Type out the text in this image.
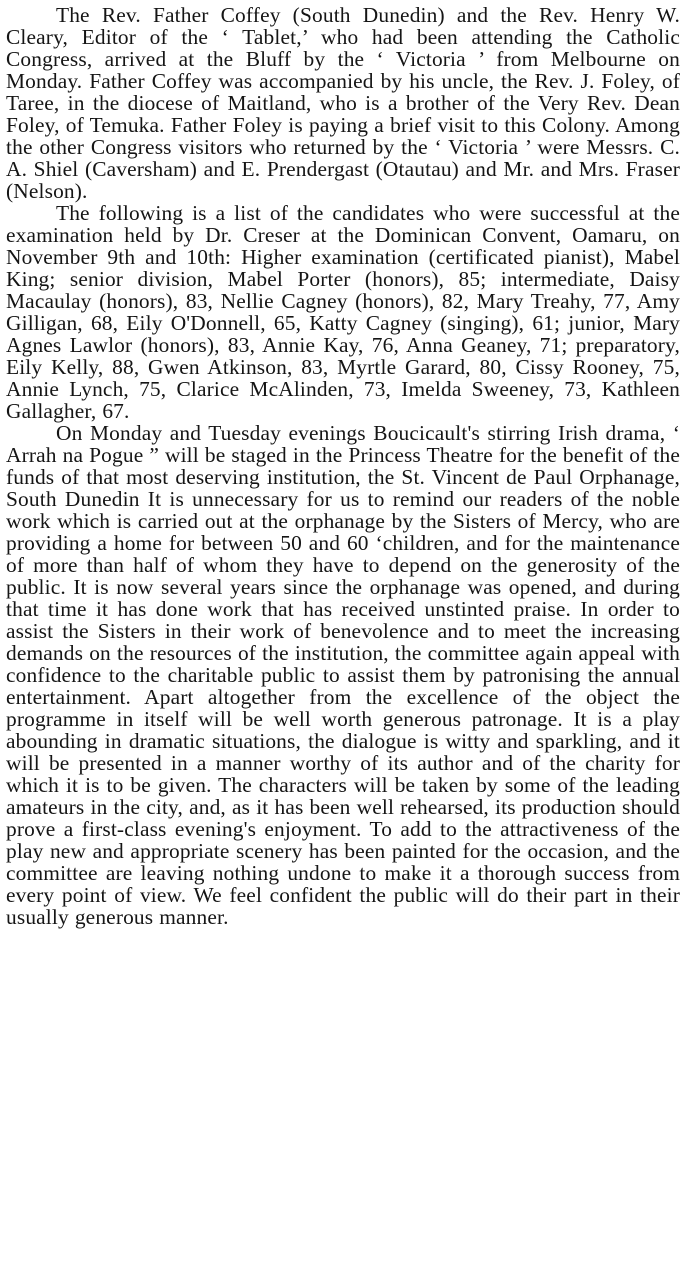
The Rev. Father Coffey (South Dunedin) and the Rev. Henry W. Cleary, Editor of the ‘ Tablet,’ who had been attending the Catholic Congress, arrived at the Bluff by the ‘ Victoria ’ from Melbourne on Monday. Father Coffey was accompanied by his uncle, the Rev. J. Foley, of Taree, in the diocese of Maitland, who is a brother of the Very Rev. Dean Foley, of Temuka. Father Foley is paying a brief visit to this Colony. Among the other Congress visitors who returned by the ‘ Victoria ’ were Messrs. C. A. Shiel (Caversham) and E. Prendergast (Otautau) and Mr. and Mrs. Fraser (Nelson).

The following is a list of the candidates who were successful at the examination held by Dr. Creser at the Dominican Convent, Oamaru, on November 9th and 10th: Higher examination (certificated pianist), Mabel King; senior division, Mabel Porter (honors), 85; intermediate, Daisy Macaulay (honors), 83, Nellie Cagney (honors), 82, Mary Treahy, 77, Amy Gilligan, 68, Eily O'Donnell, 65, Katty Cagney (singing), 61; junior, Mary Agnes Lawlor (honors), 83, Annie Kay, 76, Anna Geaney, 71; preparatory, Eily Kelly, 88, Gwen Atkinson, 83, Myrtle Garard, 80, Cissy Rooney, 75, Annie Lynch, 75, Clarice McAlinden, 73, Imelda Sweeney, 73, Kathleen Gallagher, 67.

On Monday and Tuesday evenings Boucicault's stirring Irish drama, ‘ Arrah na Pogue ” will be staged in the Princess Theatre for the benefit of the funds of that most deserving institution, the St. Vincent de Paul Orphanage, South Dunedin It is unnecessary for us to remind our readers of the noble work which is carried out at the orphanage by the Sisters of Mercy, who are providing a home for between 50 and 60 ‘children, and for the maintenance of more than half of whom they have to depend on the generosity of the public. It is now several years since the orphanage was opened, and during that time it has done work that has received unstinted praise. In order to assist the Sisters in their work of benevolence and to meet the increasing demands on the resources of the institution, the committee again appeal with confidence to the charitable public to assist them by patronising the annual entertainment. Apart altogether from the excellence of the object the programme in itself will be well worth generous patronage. It is a play abounding in dramatic situations, the dialogue is witty and sparkling, and it will be presented in a manner worthy of its author and of the charity for which it is to be given. The characters will be taken by some of the leading amateurs in the city, and, as it has been well rehearsed, its production should prove a first-class evening's enjoyment. To add to the attractiveness of the play new and appropriate scenery has been painted for the occasion, and the committee are leaving nothing undone to make it a thorough success from every point of view. We feel confident the public will do their part in their usually generous manner.
